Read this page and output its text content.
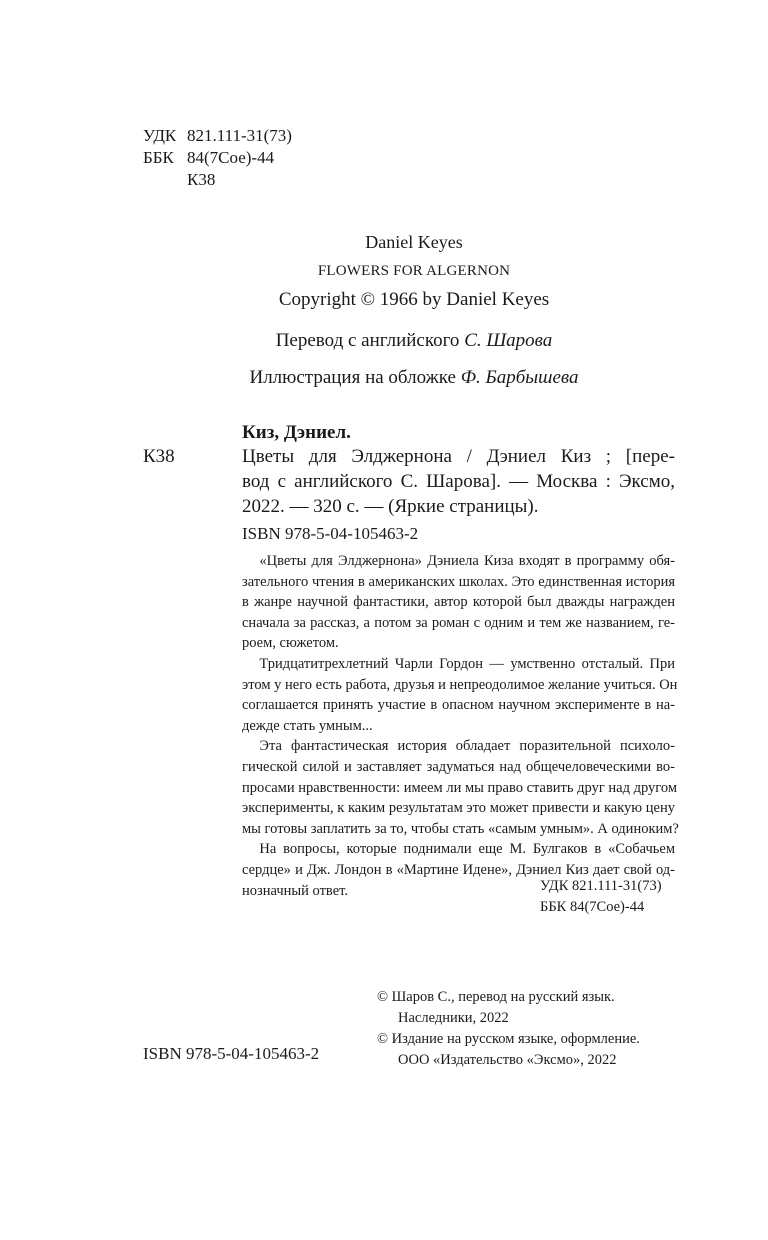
УДК 821.111-31(73)
ББК 84(7Сое)-44
К38
Daniel Keyes
FLOWERS FOR ALGERNON
Copyright © 1966 by Daniel Keyes
Перевод с английского С. Шарова
Иллюстрация на обложке Ф. Барбышева
Киз, Дэниел.
К38	Цветы для Элджернона / Дэниел Киз ; [пере-
вод с английского С. Шарова]. — Москва : Эксмо,
2022. — 320 с. — (Яркие страницы).
ISBN 978-5-04-105463-2
«Цветы для Элджернона» Дэниела Киза входят в программу обя-
зательного чтения в американских школах. Это единственная история
в жанре научной фантастики, автор которой был дважды награжден
сначала за рассказ, а потом за роман с одним и тем же названием, ге-
роем, сюжетом.
Тридцатитрехлетний Чарли Гордон — умственно отсталый. При
этом у него есть работа, друзья и непреодолимое желание учиться. Он
соглашается принять участие в опасном научном эксперименте в на-
дежде стать умным...
Эта фантастическая история обладает поразительной психоло-
гической силой и заставляет задуматься над общечеловеческими во-
просами нравственности: имеем ли мы право ставить друг над другом
эксперименты, к каким результатам это может привести и какую цену
мы готовы заплатить за то, чтобы стать «самым умным». А одиноким?
На вопросы, которые поднимали еще М. Булгаков в «Собачьем
сердце» и Дж. Лондон в «Мартине Идене», Дэниел Киз дает свой од-
нозначный ответ.	УДК 821.111-31(73)
ББК 84(7Сое)-44
© Шаров С., перевод на русский язык.
Наследники, 2022
© Издание на русском языке, оформление.
ООО «Издательство «Эксмо», 2022
ISBN 978-5-04-105463-2
